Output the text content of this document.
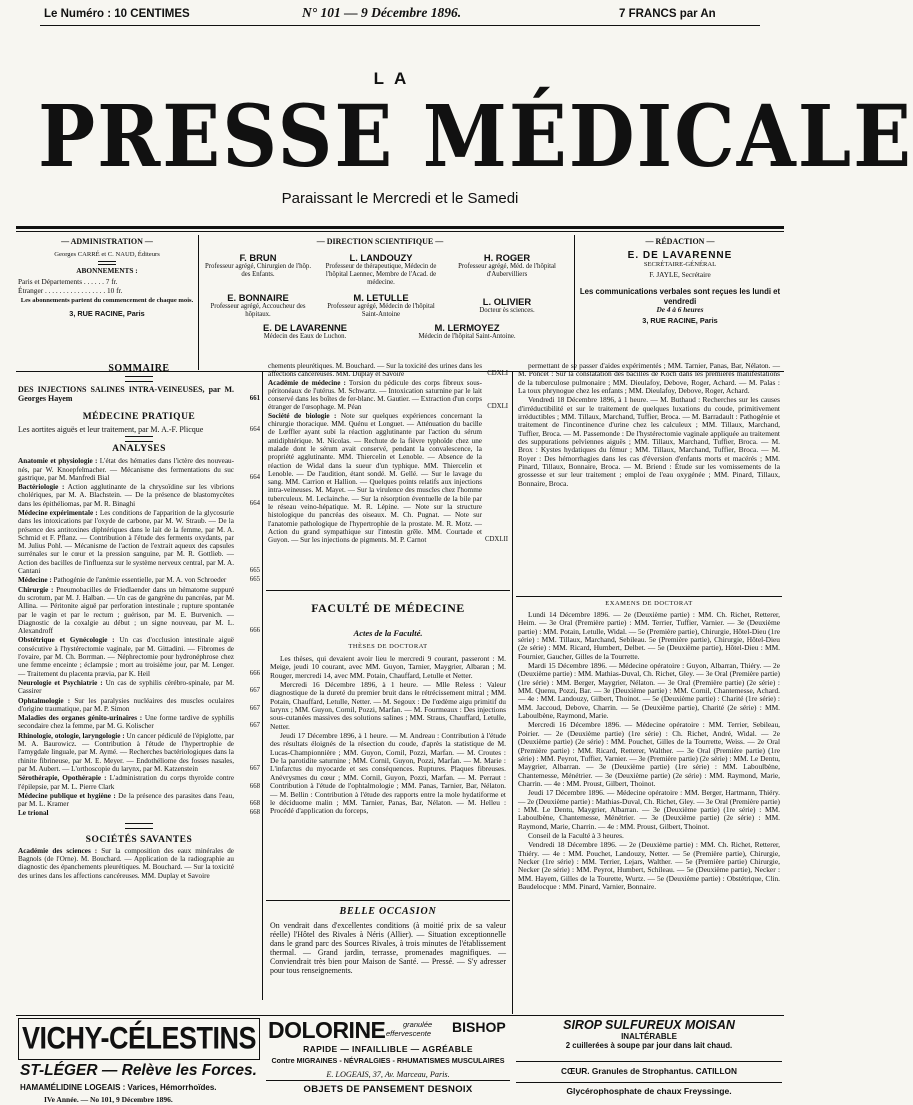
Le Numéro : 10 CENTIMES	N° 101 — 9 Décembre 1896.	7 FRANCS par An
LA
PRESSE MÉDICALE
Paraissant le Mercredi et le Samedi
— ADMINISTRATION —
Georges CARRÉ et C. NAUD, Éditeurs
ABONNEMENTS :
Paris et Départements . . . . . . 7 fr.
Étranger . . . . . . . . . . . . . . . . . 10 fr.
Les abonnements partent du commencement de chaque mois.
3, RUE RACINE, Paris
— DIRECTION SCIENTIFIQUE —
F. BRUN
Professeur agrégé, Chirurgien de l'hôp. des Enfants.
L. LANDOUZY
Professeur de thérapeutique, Médecin de l'hôpital Laennec, Membre de l'Acad. de médecine.
H. ROGER
Professeur agrégé, Méd. de l'hôpital d'Aubervilliers
E. BONNAIRE
Professeur agrégé, Accoucheur des hôpitaux.
M. LETULLE
Professeur agrégé, Médecin de l'hôpital Saint-Antoine
L. OLIVIER
Docteur ès sciences.
E. DE LAVARENNE
Médecin des Eaux de Luchon.
M. LERMOYEZ
Médecin de l'hôpital Saint-Antoine.
— RÉDACTION —
E. DE LAVARENNE
SECRÉTAIRE-GÉNÉRAL
F. JAYLE, Secrétaire
Les communications verbales sont reçues les lundi et vendredi
De 4 à 6 heures
3, RUE RACINE, Paris
SOMMAIRE
DES INJECTIONS SALINES INTRA-VEINEUSES, par M. Georges Hayem	661
MÉDECINE PRATIQUE
Les aortites aiguës et leur traitement, par M. A.-F. Plicque	664
ANALYSES
Anatomie et physiologie : L'état des hématies dans l'ictère des nouveau-nés, par W. Knoepfelmacher. — Mécanisme des fermentations du suc gastrique, par M. Manfredi Bial	664
Bactériologie : Action agglutinante de la chrysoïdine sur les vibrions cholériques, par M. A. Blachstein. — De la présence de blastomycètes dans les épithéliomas, par M. R. Binaghi	664
Médecine expérimentale : Les conditions de l'apparition de la glycosurie dans les intoxications par l'oxyde de carbone, par M. W. Straub. — De la présence des antitoxines diphtériques dans le lait de la femme, par M. A. Schmid et F. Pflanz. — Contribution à l'étude des ferments oxydants, par M. Julius Pohl. — Mécanisme de l'action de l'extrait aqueux des capsules surrénales sur le cœur et la pression sanguine, par M. R. Gottlieb. — Action des bacilles de l'influenza sur le système nerveux central, par M. A. Cantani	665
Médecine : Pathogénie de l'anémie essentielle, par M. A. von Schroeder	665
Chirurgie : Pneumobacilles de Friedlaender dans un hématome suppuré du scrotum, par M. J. Halban. — Un cas de gangrène du pancréas, par M. Allina. — Péritonite aiguë par perforation intestinale ; rupture spontanée par le vagin et par le rectum ; guérison, par M. E. Burvenich. — Diagnostic de la coxalgie au début ; un signe nouveau, par M. L. Alexandroff	666
Obstétrique et Gynécologie : Un cas d'occlusion intestinale aiguë consécutive à l'hystérectomie vaginale, par M. Gittadini. — Fibromes de l'ovaire, par M. Ch. Borrman. — Néphrectomie pour hydronéphrose chez une femme enceinte ; éclampsie ; mort au troisième jour, par M. Lenger. — Traitement du placenta prævia, par K. Heil	666
Neurologie et Psychiatrie : Un cas de syphilis cérébro-spinale, par M. Cassirer	667
Ophtalmologie : Sur les paralysies nucléaires des muscles oculaires d'origine traumatique, par M. P. Simon	667
Maladies des organes génito-urinaires : Une forme tardive de syphilis secondaire chez la femme, par M. G. Kolischer	667
Rhinologie, otologie, laryngologie : Un cancer pédiculé de l'épiglotte, par M. A. Baurowicz. — Contribution à l'étude de l'hypertrophie de l'amygdale linguale, par M. Aymé. — Recherches bactériologiques dans la rhinite fibrineuse, par M. E. Meyer. — Endothéliome des fosses nasales, par M. Aubert. — L'orthoscopie du larynx, par M. Katzenstein	667
Sérothérapie, Opothérapie : L'administration du corps thyroïde contre l'épilepsie, par M. L. Pierre Clark	668
Médecine publique et hygiène : De la présence des parasites dans l'eau, par M. L. Kramer	668
Le trional	668
SOCIÉTÉS SAVANTES
Académie des sciences : Sur la composition des eaux minérales de Bagnols (de l'Orne). M. Bouchard. — Application de la radiographie au diagnostic des épanchements pleurétiques. M. Bouchard. — Sur la toxicité des urines dans les affections cancéreuses. MM. Duplay et Savoire
chements pleurétiques. M. Bouchard. — Sur la toxicité des urines dans les affections cancéreuses. MM. Duplay et Savoire	CDXLI
Académie de médecine : Torsion du pédicule des corps fibreux sous-péritonéaux de l'utérus. M. Schwartz. — Intoxication saturnine par le lait conservé dans les boîtes de fer-blanc. M. Gautier. — Extraction d'un corps étranger de l'œsophage. M. Péan	CDXLI
Société de biologie : Note sur quelques expériences concernant la chirurgie thoracique. MM. Quénu et Longuet. — Atténuation du bacille de Lœffler ayant subi la réaction agglutinante par l'action du sérum antidiphtérique. M. Nicolas. — Rechute de la fièvre typhoïde chez une malade dont le sérum avait conservé, pendant la convalescence, la propriété agglutinante. MM. Thiercelin et Lenoble. — Absence de la réaction de Widal dans la sueur d'un typhique. MM. Thiercelin et Lenoble. — De l'audition, étant sondé. M. Gellé. — Sur le lavage du sang. MM. Carrion et Hallion. — Quelques points relatifs aux injections intra-veineuses. M. Mayet. — Sur la virulence des muscles chez l'homme tuberculeux. M. Leclainche. — Sur la résorption éventuelle de la bile par le réseau veino-hépatique. M. R. Lépine. — Note sur la structure histologique du pancréas des oiseaux. M. Ch. Pugnat. — Note sur l'anatomie pathologique de l'hypertrophie de la prostate. M. R. Motz. — Action du grand sympathique sur l'intestin grêle. MM. Courtade et Guyon. — Sur les injections de pigments. M. P. Carnot	CDXLII
FACULTÉ DE MÉDECINE
Actes de la Faculté.
THÈSES DE DOCTORAT

Les thèses, qui devaient avoir lieu le mercredi 9 courant, passeront : M. Meige, jeudi 10 courant, avec MM. Guyon, Tarnier, Maygrier, Albaran ; M. Rouger, mercredi 14, avec MM. Potain, Chauffard, Letulle et Netter.

Mercredi 16 Décembre 1896, à 1 heure. — Mlle Reless : Valeur diagnostique de la dureté du premier bruit dans le rétrécissement mitral ; MM. Potain, Chauffard, Letulle, Netter. — M. Segoux : De l'œdème aigu primitif du larynx ; MM. Guyon, Cornil, Pozzi, Marfan. — M. Fourmeaux : Des injections sous-cutanées massives des solutions salines ; MM. Straus, Chauffard, Letulle, Netter.

Jeudi 17 Décembre 1896, à 1 heure. — M. Andreau : Contribution à l'étude des résultats éloignés de la résection du coude, d'après la statistique de M. Lucas-Championnière ; MM. Guyon, Cornil, Pozzi, Marfan. — M. Croutes : De la parotidite saturnine ; MM. Cornil, Guyon, Pozzi, Marfan. — M. Marie : L'infarctus du myocarde et ses conséquences. Ruptures. Plaques fibreuses. Anévrysmes du cœur ; MM. Cornil, Guyon, Pozzi, Marfan. — M. Perraut : Contribution à l'étude de l'ophtalmologie ; MM. Panas, Tarnier, Bar, Nélaton. — M. Bellin : Contribution à l'étude des rapports entre la mole hydatiforme et le déciduome malin ; MM. Tarnier, Panas, Bar, Nélaton. — M. Helleu : Procédé d'application du forceps,

BELLE OCCASION
On vendrait dans d'excellentes conditions (à moitié prix de sa valeur réelle) l'Hôtel des Rivales à Néris (Allier). — Situation exceptionnelle dans le grand parc des Sources Rivales, à trois minutes de l'établissement thermal. — Grand jardin, terrasse, promenades magnifiques. — Conviendrait très bien pour Maison de Santé. — Pressé. — S'y adresser pour tous renseignements.

permettant de se passer d'aides expérimentés ; MM. Tarnier, Panas, Bar, Nélaton. — M. Poncet : Sur la constatation des bacilles de Koch dans les premières manifestations de la tuberculose pulmonaire ; MM. Dieulafoy, Debove, Roger, Achard. — M. Palas : La toux phrynogue chez les enfants ; MM. Dieulafoy, Debove, Roger, Achard.

Vendredi 18 Décembre 1896, à 1 heure. — M. Buthaud : Recherches sur les causes d'irréductibilité et sur le traitement de quelques luxations du coude, primitivement irréductibles ; MM. Tillaux, Marchand, Tuffier, Broca. — M. Barradault : Pathogénie et traitement de l'incontinence d'urine chez les calculeux ; MM. Tillaux, Marchand, Tuffier, Broca. — M. Passemonde : De l'hystérectomie vaginale appliquée au traitement des suppurations pelviennes aiguës ; MM. Tillaux, Marchand, Tuffier, Broca. — M. Brox : Kystes hydatiques du fémur ; MM. Tillaux, Marchand, Tuffier, Broca. — M. Royer : Des hémorrhagies dans les cas d'éversion d'enfants morts et macérés ; MM. Pinard, Tillaux, Bonnaire, Broca. — M. Briend : Étude sur les vomissements de la grossesse et sur leur traitement ; emploi de l'eau oxygénée ; MM. Pinard, Tillaux, Bonnaire, Broca.

EXAMENS DE DOCTORAT

Lundi 14 Décembre 1896. — 2e (Deuxième partie) : MM. Ch. Richet, Retterer, Heim. — 3e Oral (Première partie) : MM. Terrier, Tuffier, Varnier. — 3e (Deuxième partie) : MM. Potain, Letulle, Widal. — 5e (Première partie), Chirurgie, Hôtel-Dieu (1re série) : MM. Tillaux, Marchand, Sebileau. 5e (Première partie), Chirurgie, Hôtel-Dieu (2e série) : MM. Ricard, Humbert, Delbet. — 5e (Deuxième partie), Hôtel-Dieu : MM. Fournier, Gaucher, Gilles de la Tourrette.

Mardi 15 Décembre 1896. — Médecine opératoire : Guyon, Albarran, Thiéry. — 2e (Deuxième partie) : MM. Mathias-Duval, Ch. Richet, Gley. — 3e Oral (Première partie) (1re série) : MM. Berger, Maygrier, Nélaton. — 3e Oral (Première partie) (2e série) : MM. Quenu, Pozzi, Bar. — 3e (Deuxième partie) : MM. Cornil, Chantemesse, Achard. — 4e : MM. Landouzy, Gilbert, Thoinot. — 5e (Deuxième partie) : Charité (1re série) : MM. Jaccoud, Debove, Charrin. — 5e (Deuxième partie), Charité (2e série) : MM. Laboulbène, Raymond, Marie.

Mercredi 16 Décembre 1896. — Médecine opératoire : MM. Terrier, Sebileau, Poirier. — 2e (Deuxième partie) (1re série) : Ch. Richet, André, Widal. — 2e (Deuxième partie) (2e série) : MM. Pouchet, Gilles de la Tourrette, Weiss. — 2e Oral (Première partie) : MM. Ricard, Retterer, Walther. — 3e Oral (Première partie) (1re série) : MM. Peyrot, Tuffier, Varnier. — 3e (Première partie) (2e série) : MM. Le Dentu, Maygrier, Albarran. — 3e (Deuxième partie) (1re série) : MM. Laboulbène, Chantemesse, Ménétrier. — 3e (Deuxième partie) (2e série) : MM. Raymond, Marie, Charrin. — 4e : MM. Proust, Gilbert, Thoinot.

Jeudi 17 Décembre 1896. — Médecine opératoire : MM. Berger, Hartmann, Thiéry. — 2e (Deuxième partie) : Mathias-Duval, Ch. Richet, Gley. — 3e Oral (Première partie) : MM. Le Dentu, Maygrier, Albarran. — 3e (Deuxième partie) (1re série) : MM. Laboulbène, Chantemesse, Ménétrier. — 3e (Deuxième partie) (2e série) : MM. Raymond, Marie, Charrin. — 4e : MM. Proust, Gilbert, Thoinot.

Conseil de la Faculté à 3 heures.

Vendredi 18 Décembre 1896. — 2e (Deuxième partie) : MM. Ch. Richet, Retterer, Thiéry. — 4e : MM. Pouchet, Landouzy, Netter. — 5e (Première partie), Chirurgie, Necker (1re série) : MM. Terrier, Lejars, Walther. — 5e (Première partie) Chirurgie, Necker (2e série) : MM. Peyrot, Humbert, Schileau. — 5e (Deuxième partie), Necker : MM. Hayem, Gilles de la Tourette, Wurtz. — 5e (Deuxième partie) : Obstétrique, Clin. Baudelocque : MM. Pinard, Varnier, Bonnaire.

VICHY-CÉLESTINS
ST-LÉGER — Relève les Forces.
HAMAMÉLIDINE LOGEAIS : Varices, Hémorrhoïdes.
IVe Année. — No 101, 9 Décembre 1896.
DOLORINE granulée
effervescente BISHOP
RAPIDE — INFAILLIBLE — AGRÉABLE
Contre MIGRAINES - NÉVRALGIES - RHUMATISMES MUSCULAIRES
E. LOGEAIS, 37, Av. Marceau, Paris.
OBJETS DE PANSEMENT DESNOIX
SIROP SULFUREUX MOISAN
INALTÉRABLE
2 cuillerées à soupe par jour dans lait chaud.
CŒUR. Granules de Strophantus. CATILLON
Glycérophosphate de chaux Freyssinge.
